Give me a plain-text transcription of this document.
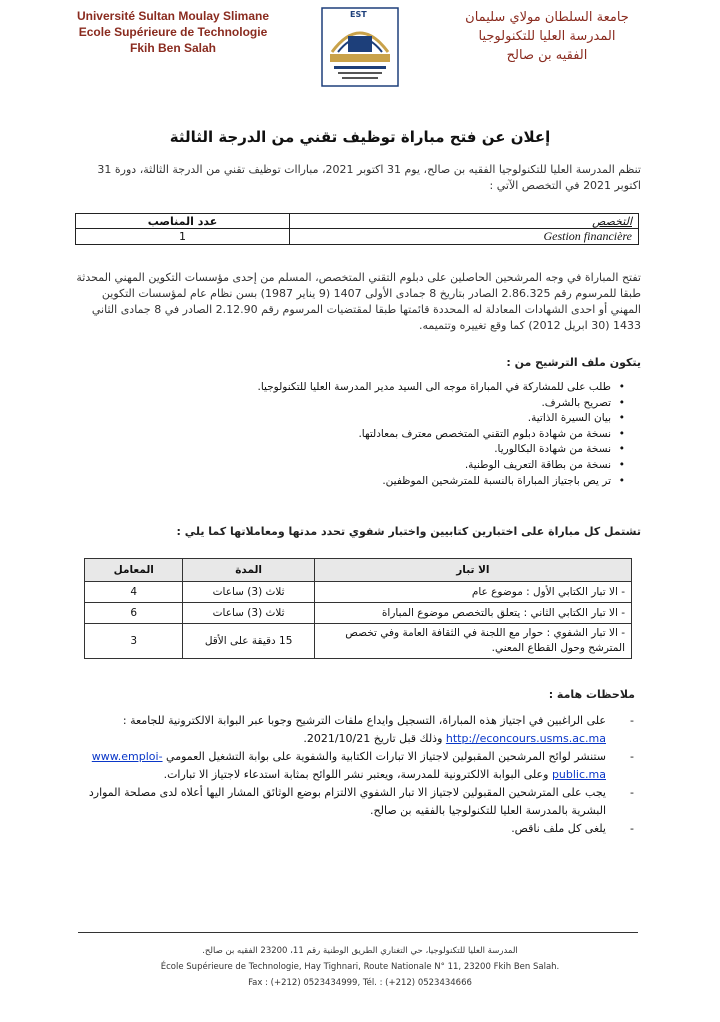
Université Sultan Moulay Slimane
Ecole Supérieure de Technologie
Fkih Ben Salah
EST	جامعة السلطان مولاي سليمان
المدرسة العليا للتكنولوجيا
الفقيه بن صالح
إعلان عن فتح مباراة توظيف تقني من الدرجة الثالثة
تنظم المدرسة العليا للتكنولوجيا الفقيه بن صالح، يوم 31 اكتوبر 2021، مباراات توظيف تقني من الدرجة الثالثة، دورة 31 اكتوبر 2021 في التخصص الآتي :
التخصص	عدد المناصب
Gestion financière	1
تفتح المباراة في وجه المرشحين الحاصلين على دبلوم التقني المتخصص، المسلم من إحدى مؤسسات التكوين المهني المحدثة طبقا للمرسوم رقم 2.86.325 الصادر بتاريخ 8 جمادى الأولى 1407 (9 يناير 1987) بسن نظام عام لمؤسسات التكوين المهني أو احدى الشهادات المعادلة له المحددة قائمتها طبقا لمقتضيات المرسوم رقم 2.12.90 الصادر في 8 جمادى الثاني 1433 (30 ابريل 2012) كما وقع تغييره وتتميمه.
يتكون ملف الترشيح من :
• طلب على للمشاركة في المباراة موجه الى السيد مدير المدرسة العليا للتكنولوجيا.
• تصريح بالشرف.
• بيان السيرة الذاتية.
• نسخة من شهادة دبلوم التقني المتخصص معترف بمعادلتها.
• نسخة من شهادة البكالوريا.
• نسخة من بطاقة التعريف الوطنية.
• تر يص باجتياز المباراة بالنسبة للمترشحين الموظفين.
تشتمل كل مباراة على اختبارين كتابيين واختبار شفوي تحدد مدتها ومعاملاتها كما يلي :
الا تبار	المدة	المعامل
- الا تبار الكتابي الأول : موضوع عام	ثلاث (3) ساعات	4
- الا تبار الكتابي الثاني : يتعلق بالتخصص موضوع المباراة	ثلاث (3) ساعات	6
- الا تبار الشفوي : حوار مع اللجنة في الثقافة العامة وفي تخصص المترشح وحول القطاع المعني.	15 دقيقة على الأقل	3
ملاحظات هامة :
- على الراغبين في اجتياز هذه المباراة، التسجيل وايداع ملفات الترشيح وجوبا عبر البوابة الالكترونية للجامعة : http://econcours.usms.ac.ma وذلك قبل تاريخ 2021/10/21.
- ستنشر لوائح المرشحين المقبولين لاجتياز الا تبارات الكتابية والشفوية على بوابة التشغيل العمومي www.emploi-public.ma وعلى البوابة الالكترونية للمدرسة، ويعتبر نشر اللوائح بمثابة استدعاء لاجتياز الا تبارات.
- يجب على المترشحين المقبولين لاجتياز الا تبار الشفوي الالتزام بوضع الوثائق المشار اليها أعلاه لدى مصلحة الموارد البشرية بالمدرسة العليا للتكنولوجيا بالفقيه بن صالح.
- يلغى كل ملف ناقص.
المدرسة العليا للتكنولوجيا، حي التغناري الطريق الوطنية رقم 11، 23200 الفقيه بن صالح.
École Supérieure de Technologie, Hay Tighnari, Route Nationale N° 11, 23200 Fkih Ben Salah.
Fax : (+212) 0523434999, Tél. : (+212) 0523434666
